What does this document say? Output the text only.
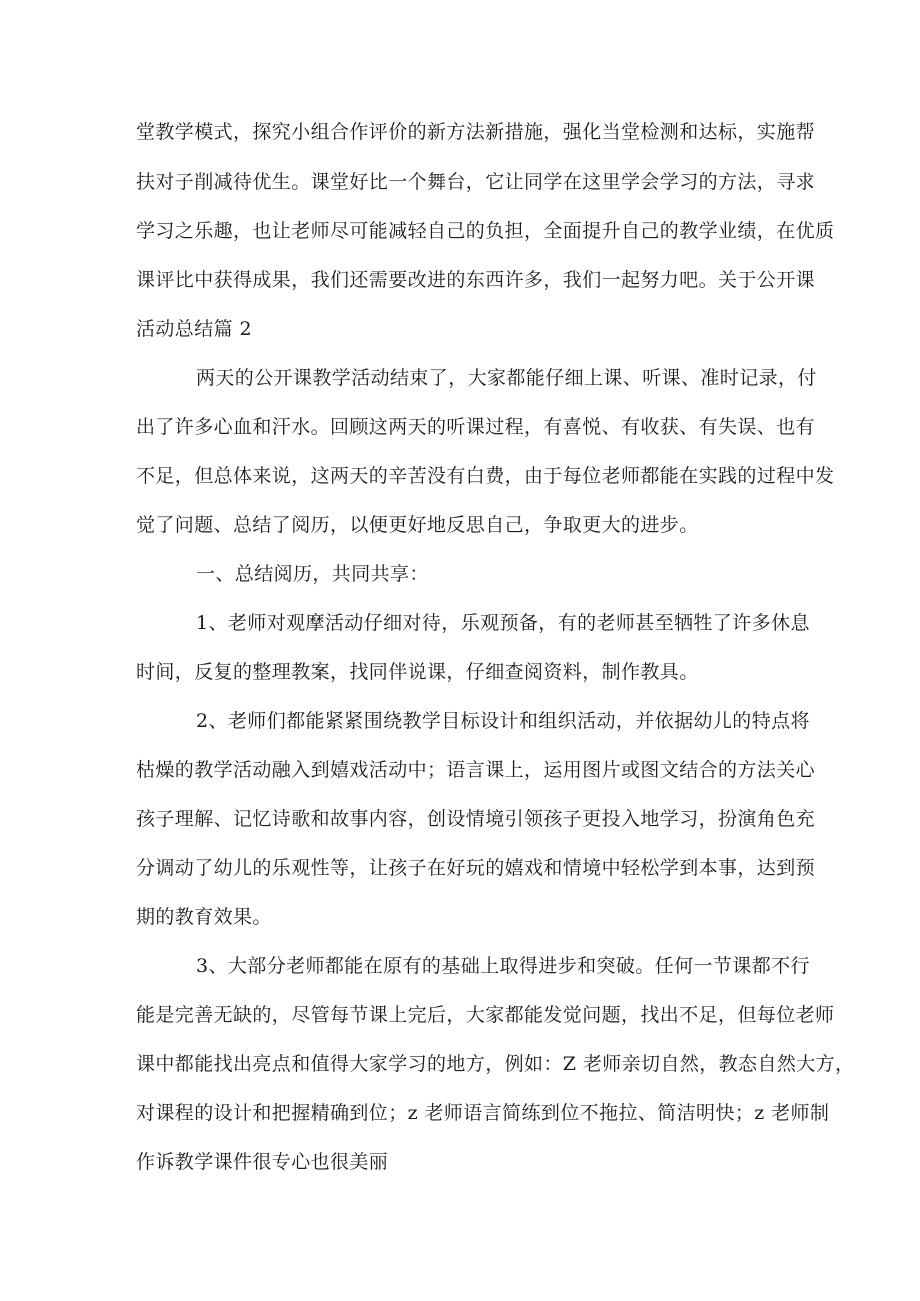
堂教学模式，探究小组合作评价的新方法新措施，强化当堂检测和达标，实施帮
扶对子削减待优生。课堂好比一个舞台，它让同学在这里学会学习的方法，寻求
学习之乐趣，也让老师尽可能减轻自己的负担，全面提升自己的教学业绩，在优质
课评比中获得成果，我们还需要改进的东西许多，我们一起努力吧。关于公开课
活动总结篇 2
两天的公开课教学活动结束了，大家都能仔细上课、听课、准时记录，付
出了许多心血和汗水。回顾这两天的听课过程，有喜悦、有收获、有失误、也有
不足，但总体来说，这两天的辛苦没有白费，由于每位老师都能在实践的过程中发
觉了问题、总结了阅历，以便更好地反思自己，争取更大的进步。
一、总结阅历，共同共享：
1、老师对观摩活动仔细对待，乐观预备，有的老师甚至牺牲了许多休息
时间，反复的整理教案，找同伴说课，仔细查阅资料，制作教具。
2、老师们都能紧紧围绕教学目标设计和组织活动，并依据幼儿的特点将
枯燥的教学活动融入到嬉戏活动中；语言课上，运用图片或图文结合的方法关心
孩子理解、记忆诗歌和故事内容，创设情境引领孩子更投入地学习，扮演角色充
分调动了幼儿的乐观性等，让孩子在好玩的嬉戏和情境中轻松学到本事，达到预
期的教育效果。
3、大部分老师都能在原有的基础上取得进步和突破。任何一节课都不行
能是完善无缺的，尽管每节课上完后，大家都能发觉问题，找出不足，但每位老师
课中都能找出亮点和值得大家学习的地方，例如：Z 老师亲切自然，教态自然大方，
对课程的设计和把握精确到位；z 老师语言简练到位不拖拉、简洁明快；z 老师制
作诉教学课件很专心也很美丽
